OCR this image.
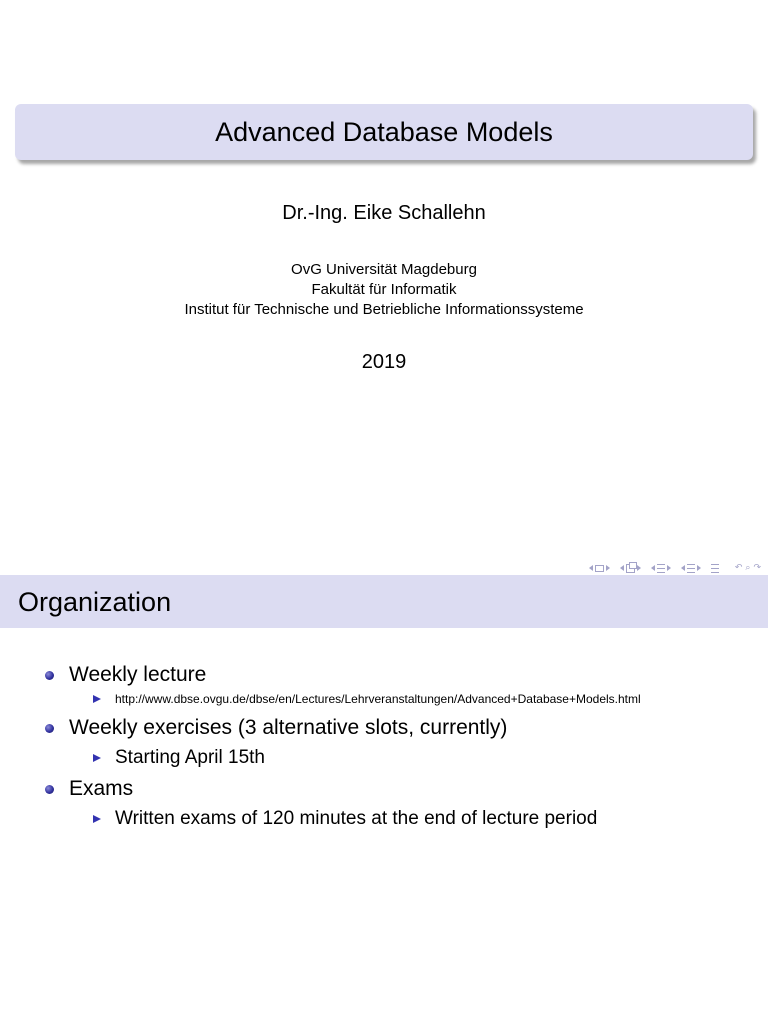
Advanced Database Models
Dr.-Ing. Eike Schallehn
OvG Universität Magdeburg
Fakultät für Informatik
Institut für Technische und Betriebliche Informationssysteme
2019
↶ ⌕ ↷
Organization
Weekly lecture
http://www.dbse.ovgu.de/dbse/en/Lectures/Lehrveranstaltungen/Advanced+Database+Models.html
Weekly exercises (3 alternative slots, currently)
Starting April 15th
Exams
Written exams of 120 minutes at the end of lecture period
